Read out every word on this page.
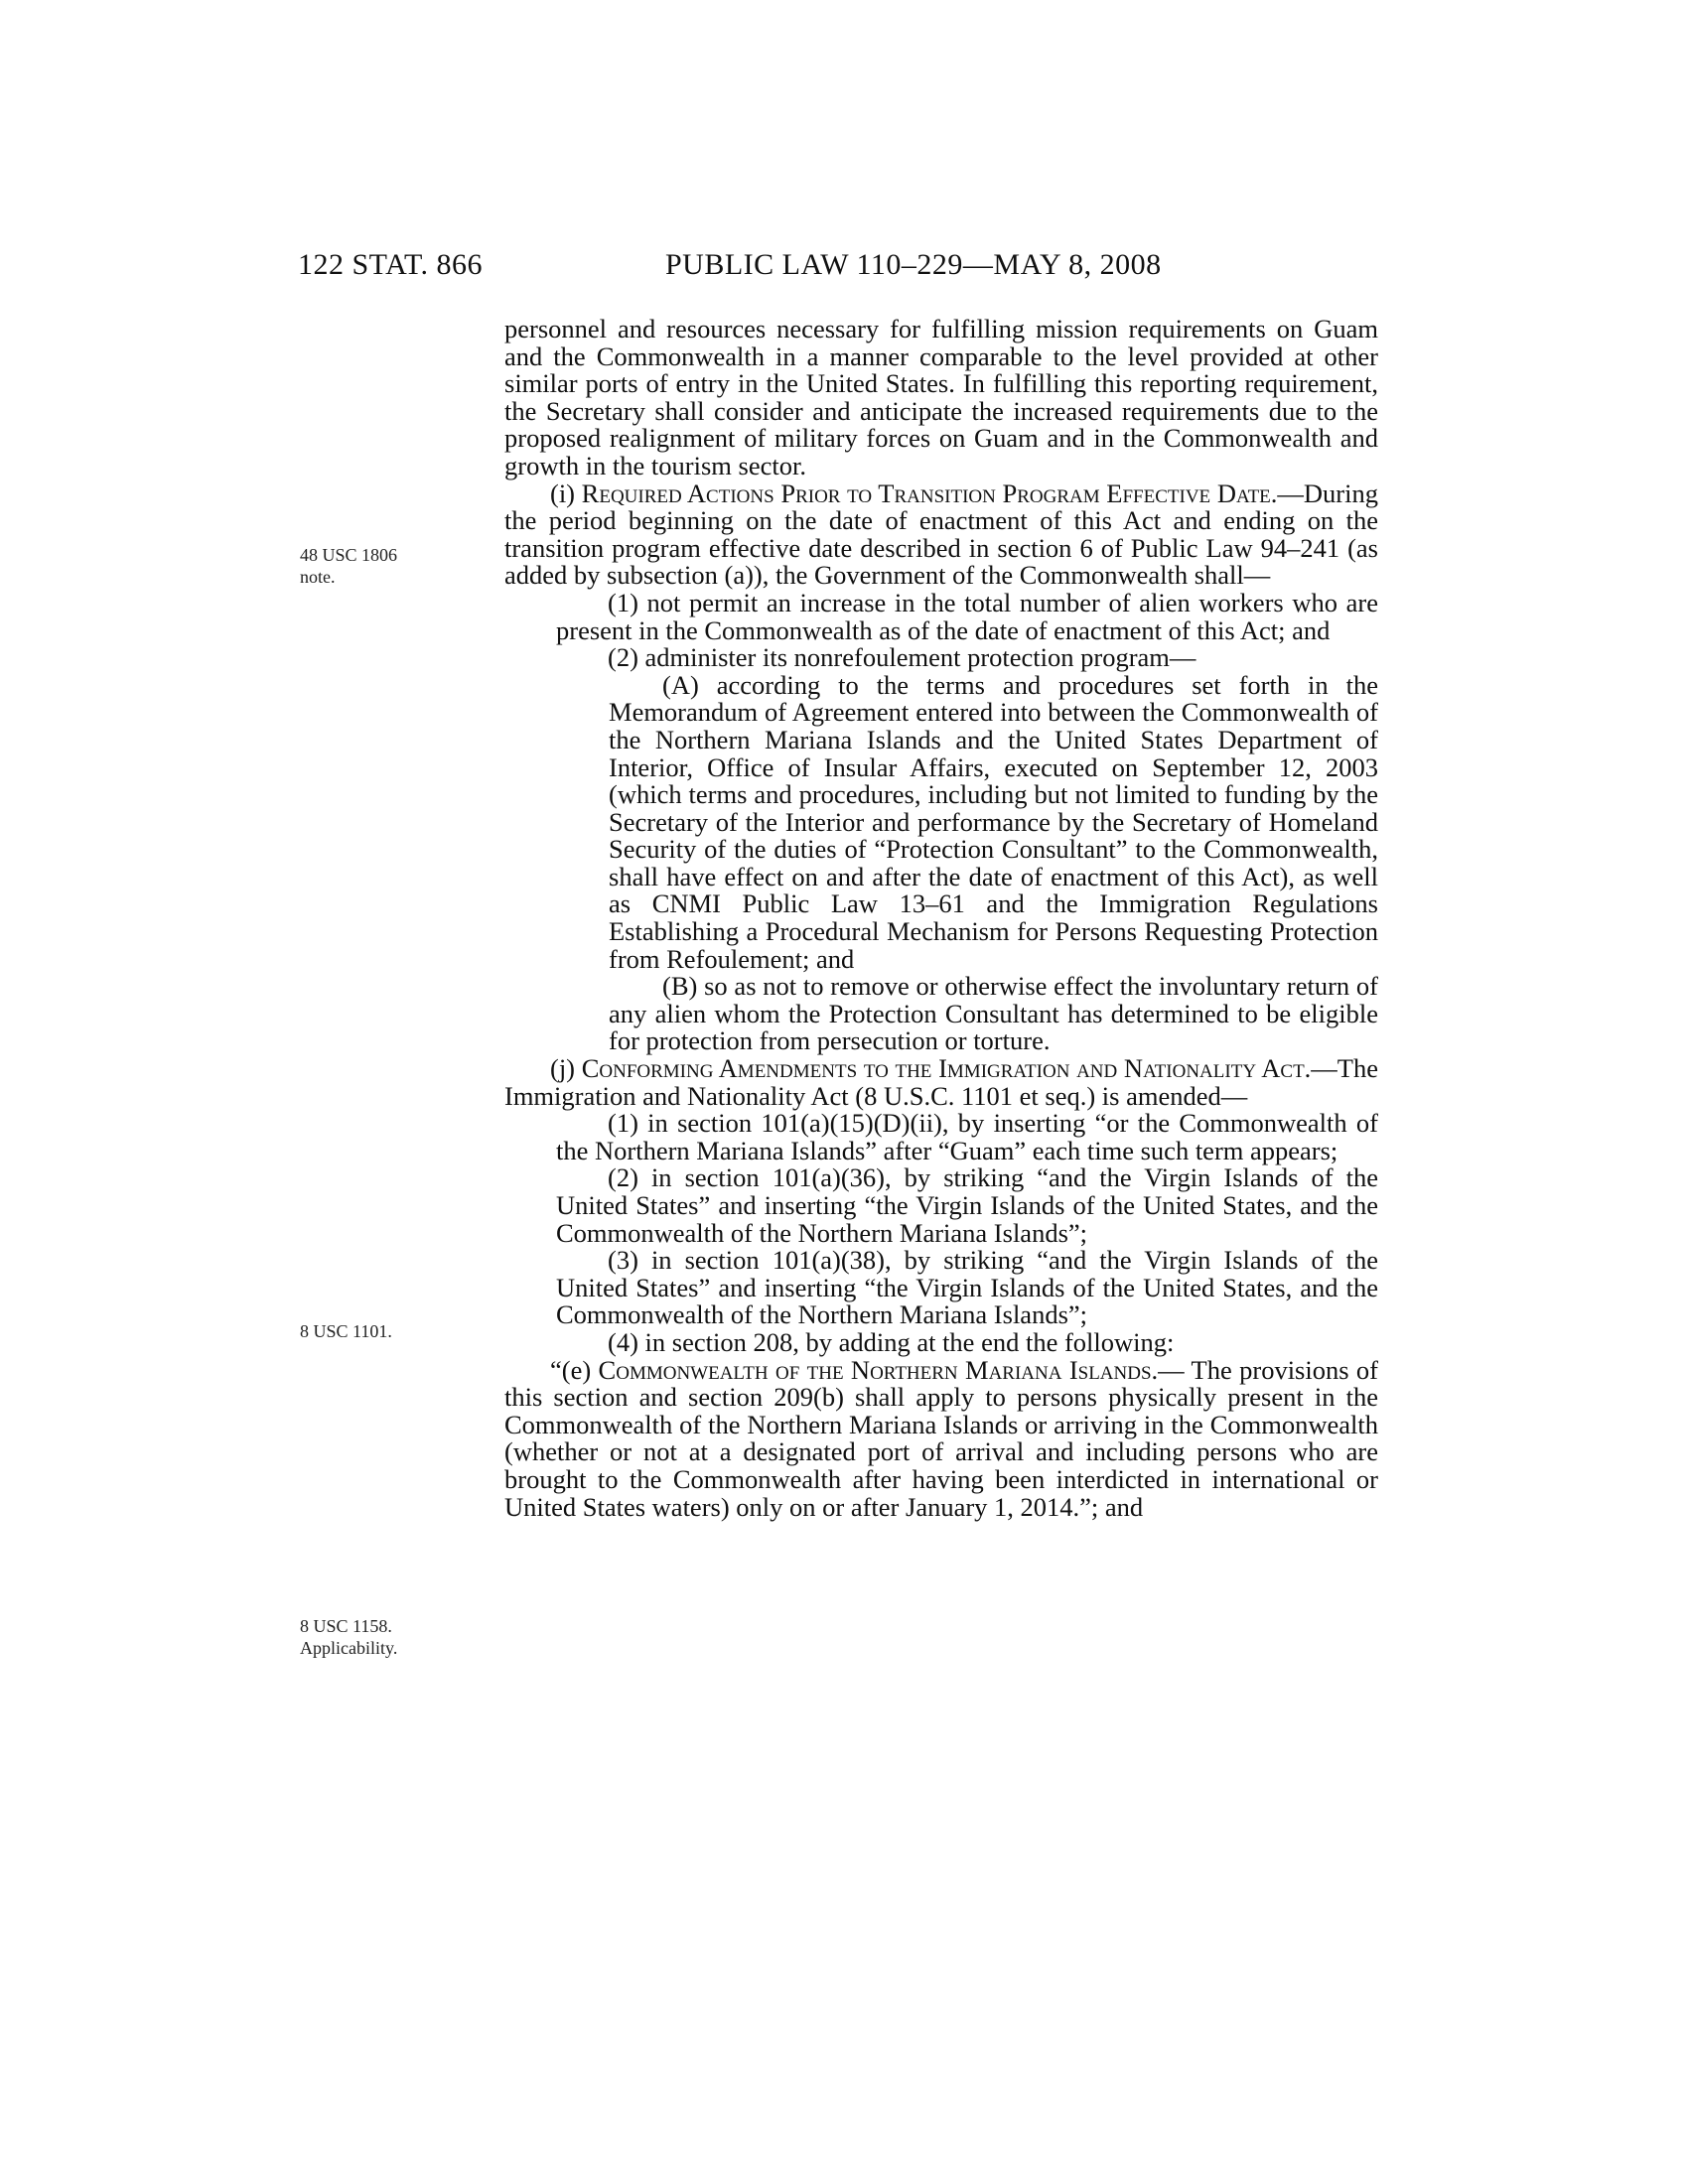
122 STAT. 866	PUBLIC LAW 110–229—MAY 8, 2008
48 USC 1806
note.
8 USC 1101.
8 USC 1158.
Applicability.

personnel and resources necessary for fulfilling mission requirements on Guam and the Commonwealth in a manner comparable to the level provided at other similar ports of entry in the United States. In fulfilling this reporting requirement, the Secretary shall consider and anticipate the increased requirements due to the proposed realignment of military forces on Guam and in the Commonwealth and growth in the tourism sector.

(i) Required Actions Prior to Transition Program Effective Date.—During the period beginning on the date of enactment of this Act and ending on the transition program effective date described in section 6 of Public Law 94–241 (as added by subsection (a)), the Government of the Commonwealth shall—

(1) not permit an increase in the total number of alien workers who are present in the Commonwealth as of the date of enactment of this Act; and

(2) administer its nonrefoulement protection program—

(A) according to the terms and procedures set forth in the Memorandum of Agreement entered into between the Commonwealth of the Northern Mariana Islands and the United States Department of Interior, Office of Insular Affairs, executed on September 12, 2003 (which terms and procedures, including but not limited to funding by the Secretary of the Interior and performance by the Secretary of Homeland Security of the duties of “Protection Consultant” to the Commonwealth, shall have effect on and after the date of enactment of this Act), as well as CNMI Public Law 13–61 and the Immigration Regulations Establishing a Procedural Mechanism for Persons Requesting Protection from Refoulement; and

(B) so as not to remove or otherwise effect the involuntary return of any alien whom the Protection Consultant has determined to be eligible for protection from persecution or torture.

(j) Conforming Amendments to the Immigration and Nationality Act.—The Immigration and Nationality Act (8 U.S.C. 1101 et seq.) is amended—

(1) in section 101(a)(15)(D)(ii), by inserting “or the Commonwealth of the Northern Mariana Islands” after “Guam” each time such term appears;

(2) in section 101(a)(36), by striking “and the Virgin Islands of the United States” and inserting “the Virgin Islands of the United States, and the Commonwealth of the Northern Mariana Islands”;

(3) in section 101(a)(38), by striking “and the Virgin Islands of the United States” and inserting “the Virgin Islands of the United States, and the Commonwealth of the Northern Mariana Islands”;

(4) in section 208, by adding at the end the following:

“(e) Commonwealth of the Northern Mariana Islands.— The provisions of this section and section 209(b) shall apply to persons physically present in the Commonwealth of the Northern Mariana Islands or arriving in the Commonwealth (whether or not at a designated port of arrival and including persons who are brought to the Commonwealth after having been interdicted in international or United States waters) only on or after January 1, 2014.”; and
